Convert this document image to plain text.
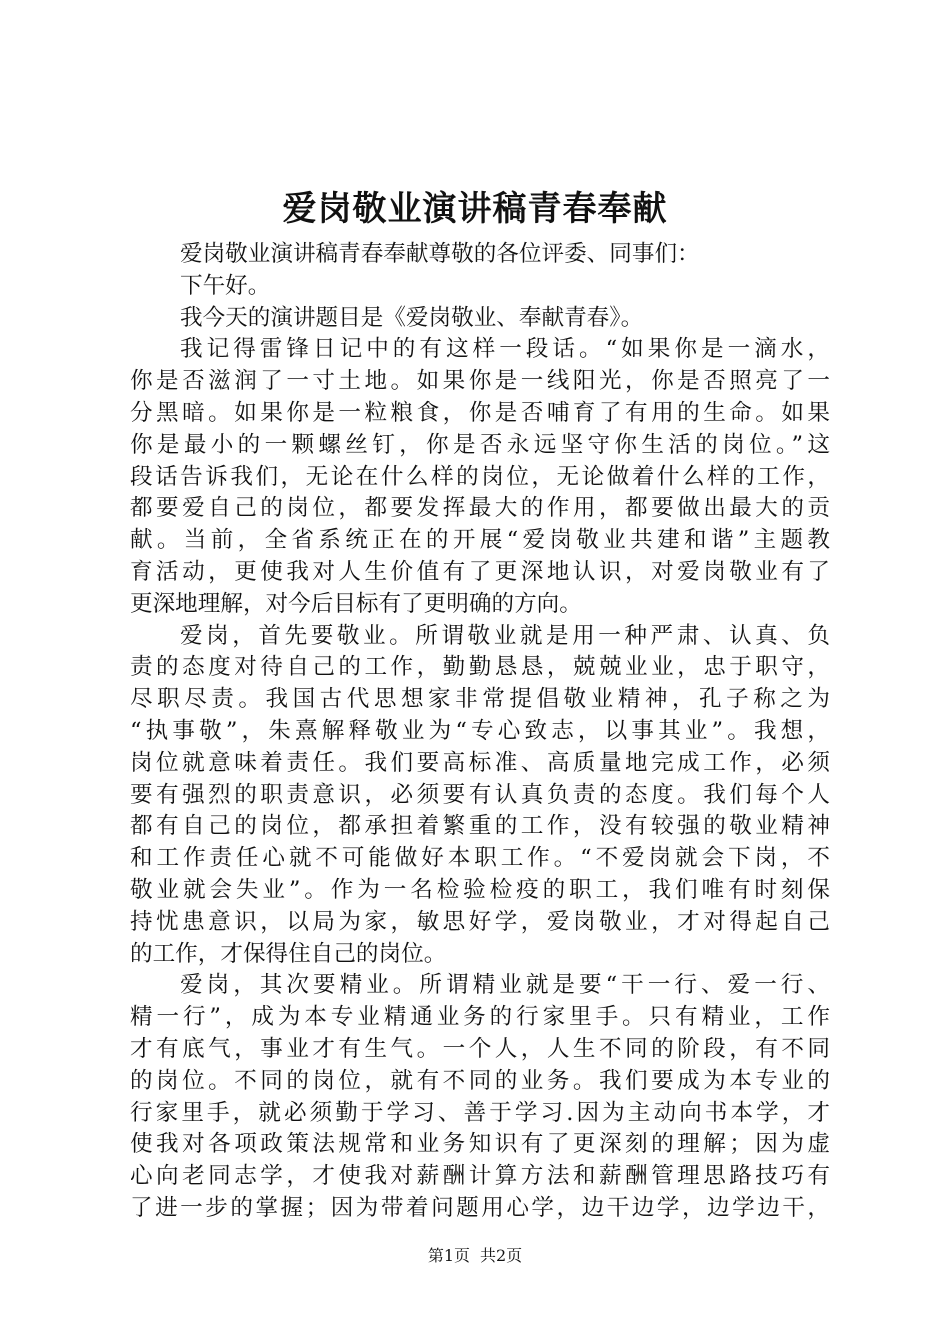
爱岗敬业演讲稿青春奉献
爱岗敬业演讲稿青春奉献尊敬的各位评委、同事们：
下午好。
我今天的演讲题目是《爱岗敬业、奉献青春》。
我记得雷锋日记中的有这样一段话。“如果你是一滴水，
你是否滋润了一寸土地。如果你是一线阳光，你是否照亮了一
分黑暗。如果你是一粒粮食，你是否哺育了有用的生命。如果
你是最小的一颗螺丝钉，你是否永远坚守你生活的岗位。”这
段话告诉我们，无论在什么样的岗位，无论做着什么样的工作，
都要爱自己的岗位，都要发挥最大的作用，都要做出最大的贡
献。当前，全省系统正在的开展“爱岗敬业共建和谐”主题教
育活动，更使我对人生价值有了更深地认识，对爱岗敬业有了
更深地理解，对今后目标有了更明确的方向。
爱岗，首先要敬业。所谓敬业就是用一种严肃、认真、负
责的态度对待自己的工作，勤勤恳恳，兢兢业业，忠于职守，
尽职尽责。我国古代思想家非常提倡敬业精神，孔子称之为
“执事敬”，朱熹解释敬业为“专心致志，以事其业”。我想，
岗位就意味着责任。我们要高标准、高质量地完成工作，必须
要有强烈的职责意识，必须要有认真负责的态度。我们每个人
都有自己的岗位，都承担着繁重的工作，没有较强的敬业精神
和工作责任心就不可能做好本职工作。“不爱岗就会下岗，不
敬业就会失业”。作为一名检验检疫的职工，我们唯有时刻保
持忧患意识，以局为家，敏思好学，爱岗敬业，才对得起自己
的工作，才保得住自己的岗位。
爱岗，其次要精业。所谓精业就是要“干一行、爱一行、
精一行”，成为本专业精通业务的行家里手。只有精业，工作
才有底气，事业才有生气。一个人，人生不同的阶段，有不同
的岗位。不同的岗位，就有不同的业务。我们要成为本专业的
行家里手，就必须勤于学习、善于学习.因为主动向书本学，才
使我对各项政策法规常和业务知识有了更深刻的理解；因为虚
心向老同志学，才使我对薪酬计算方法和薪酬管理思路技巧有
了进一步的掌握；因为带着问题用心学，边干边学，边学边干，
第1页 共2页
